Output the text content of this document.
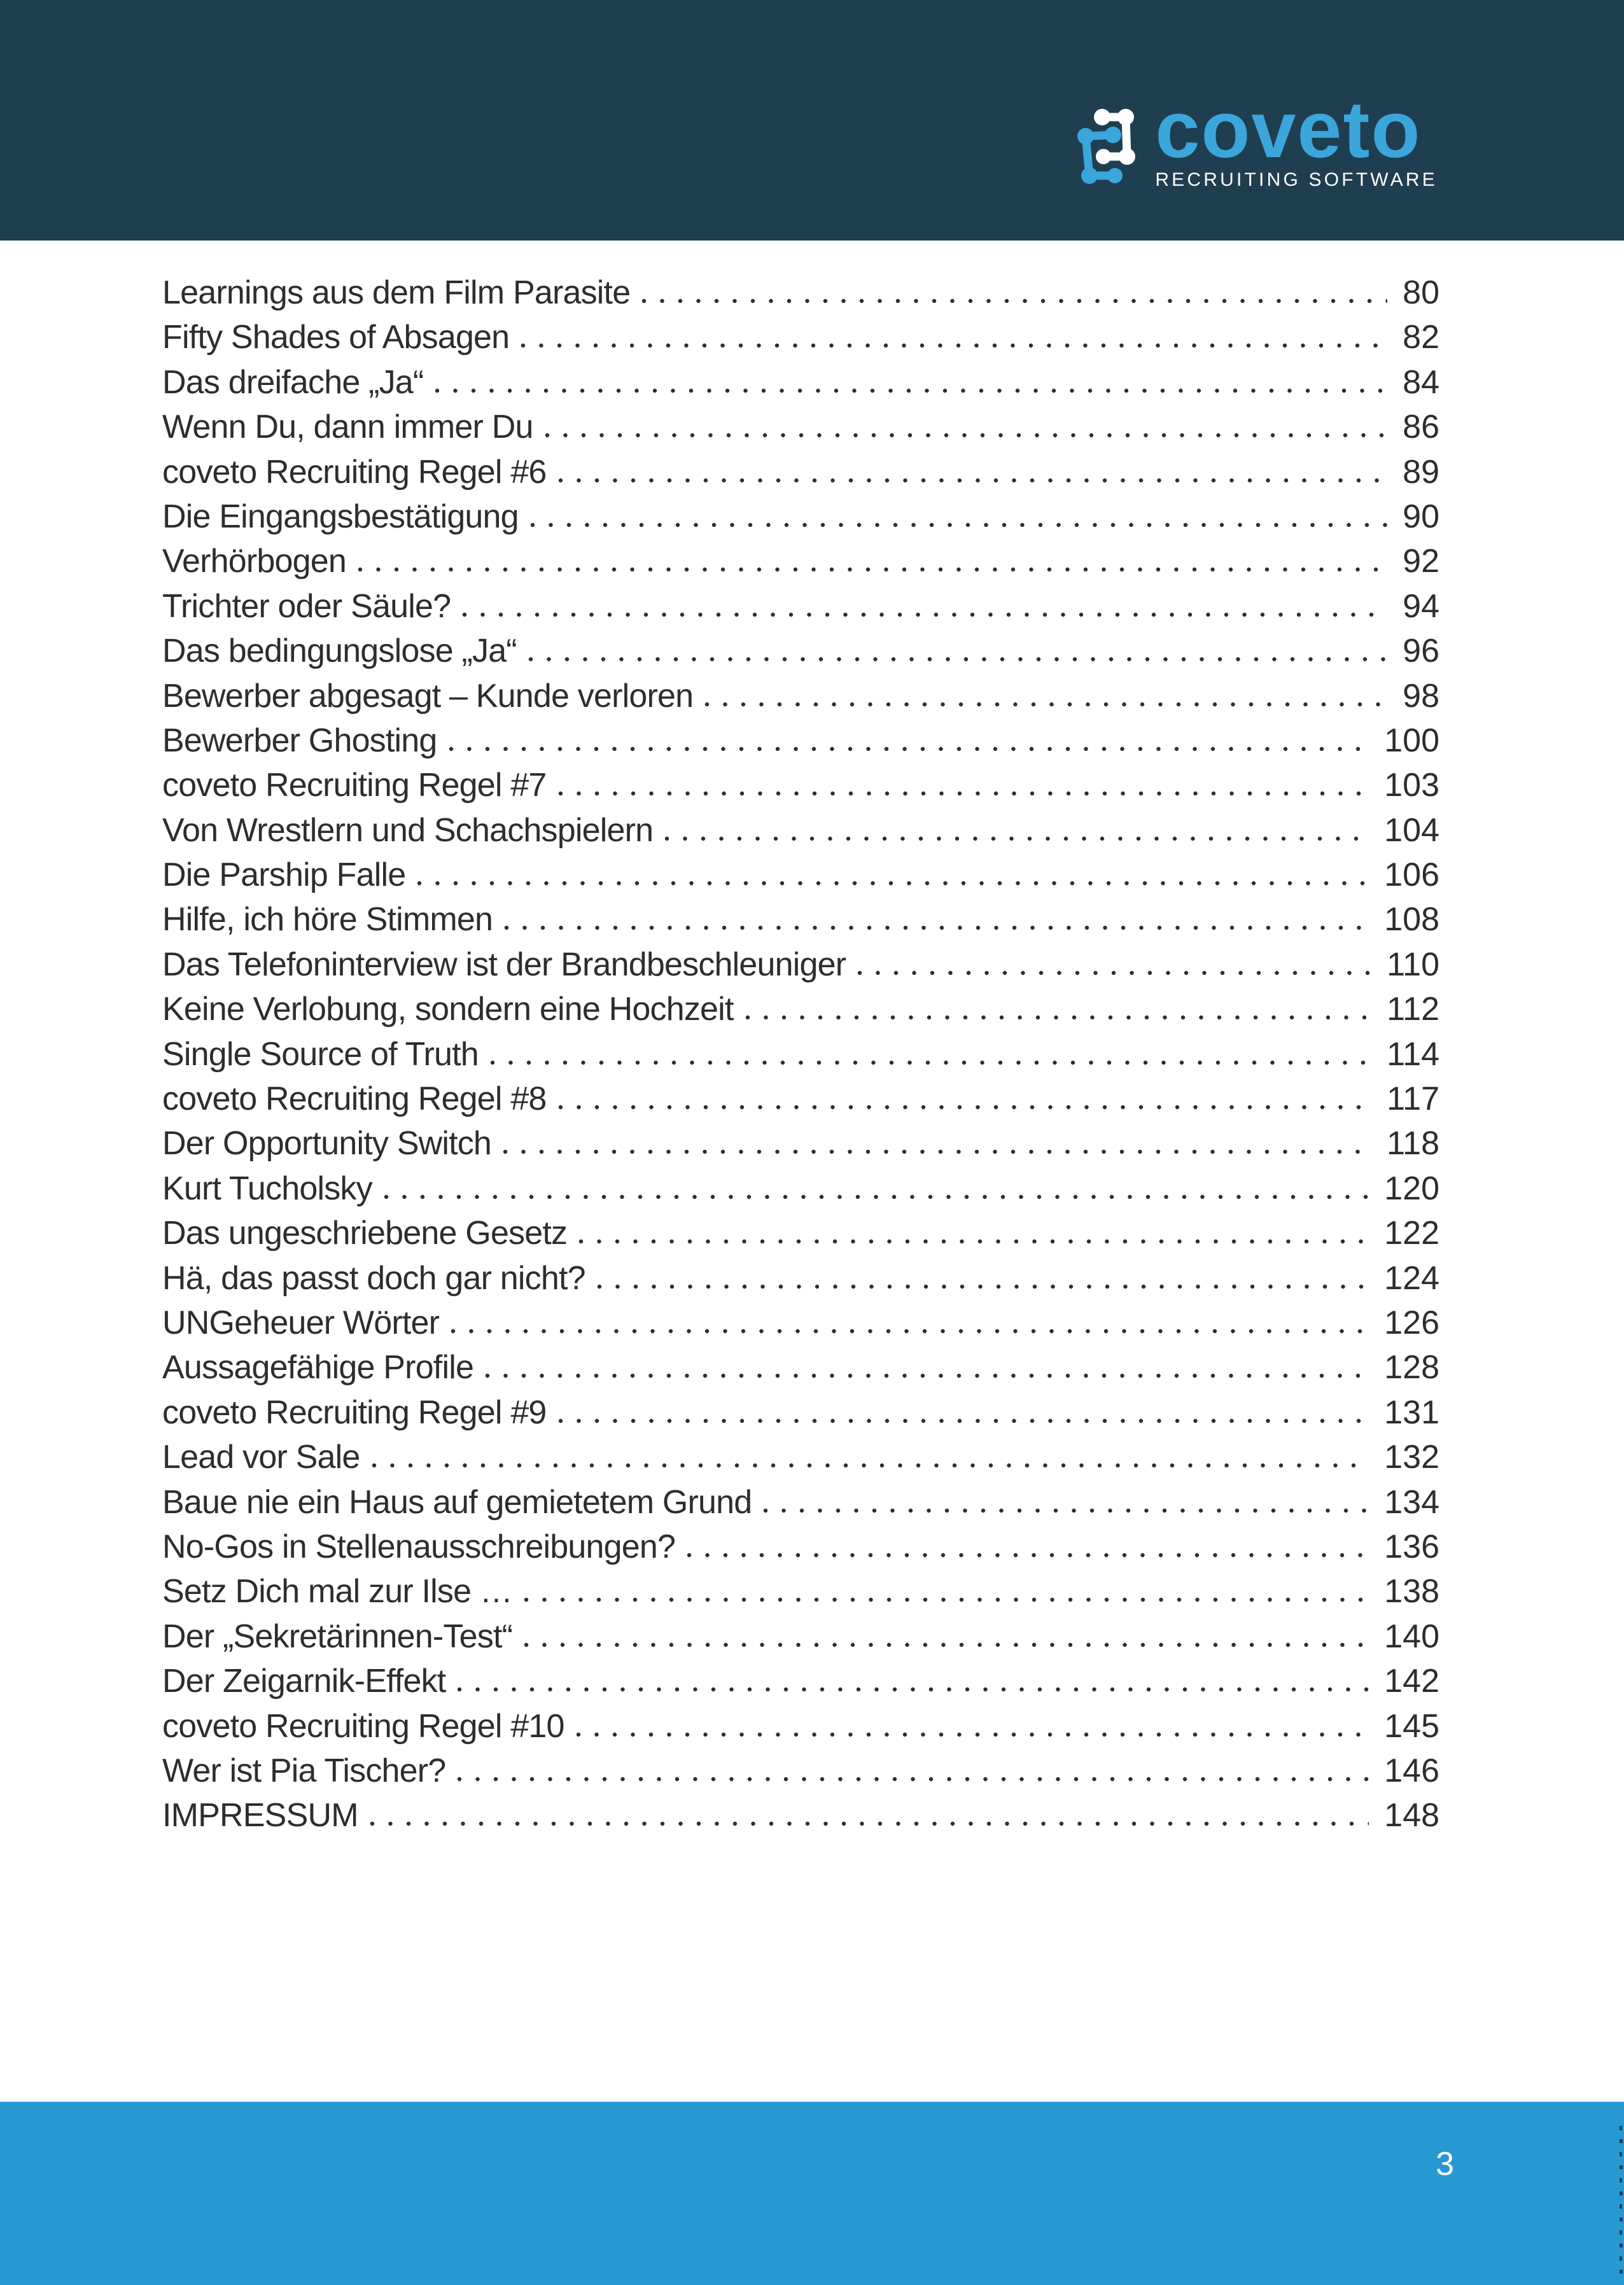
coveto
RECRUITING SOFTWARE
Learnings aus dem Film Parasite	80
Fifty Shades of Absagen	82
Das dreifache „Ja“	84
Wenn Du, dann immer Du	86
coveto Recruiting Regel #6	89
Die Eingangsbestätigung	90
Verhörbogen	92
Trichter oder Säule?	94
Das bedingungslose „Ja“	96
Bewerber abgesagt – Kunde verloren	98
Bewerber Ghosting	100
coveto Recruiting Regel #7	103
Von Wrestlern und Schachspielern	104
Die Parship Falle	106
Hilfe, ich höre Stimmen	108
Das Telefoninterview ist der Brandbeschleuniger	110
Keine Verlobung, sondern eine Hochzeit	112
Single Source of Truth	114
coveto Recruiting Regel #8	117
Der Opportunity Switch	118
Kurt Tucholsky	120
Das ungeschriebene Gesetz	122
Hä, das passt doch gar nicht?	124
UNGeheuer Wörter	126
Aussagefähige Profile	128
coveto Recruiting Regel #9	131
Lead vor Sale	132
Baue nie ein Haus auf gemietetem Grund	134
No-Gos in Stellenausschreibungen?	136
Setz Dich mal zur Ilse …	138
Der „Sekretärinnen-Test“	140
Der Zeigarnik-Effekt	142
coveto Recruiting Regel #10	145
Wer ist Pia Tischer?	146
IMPRESSUM	148
3
